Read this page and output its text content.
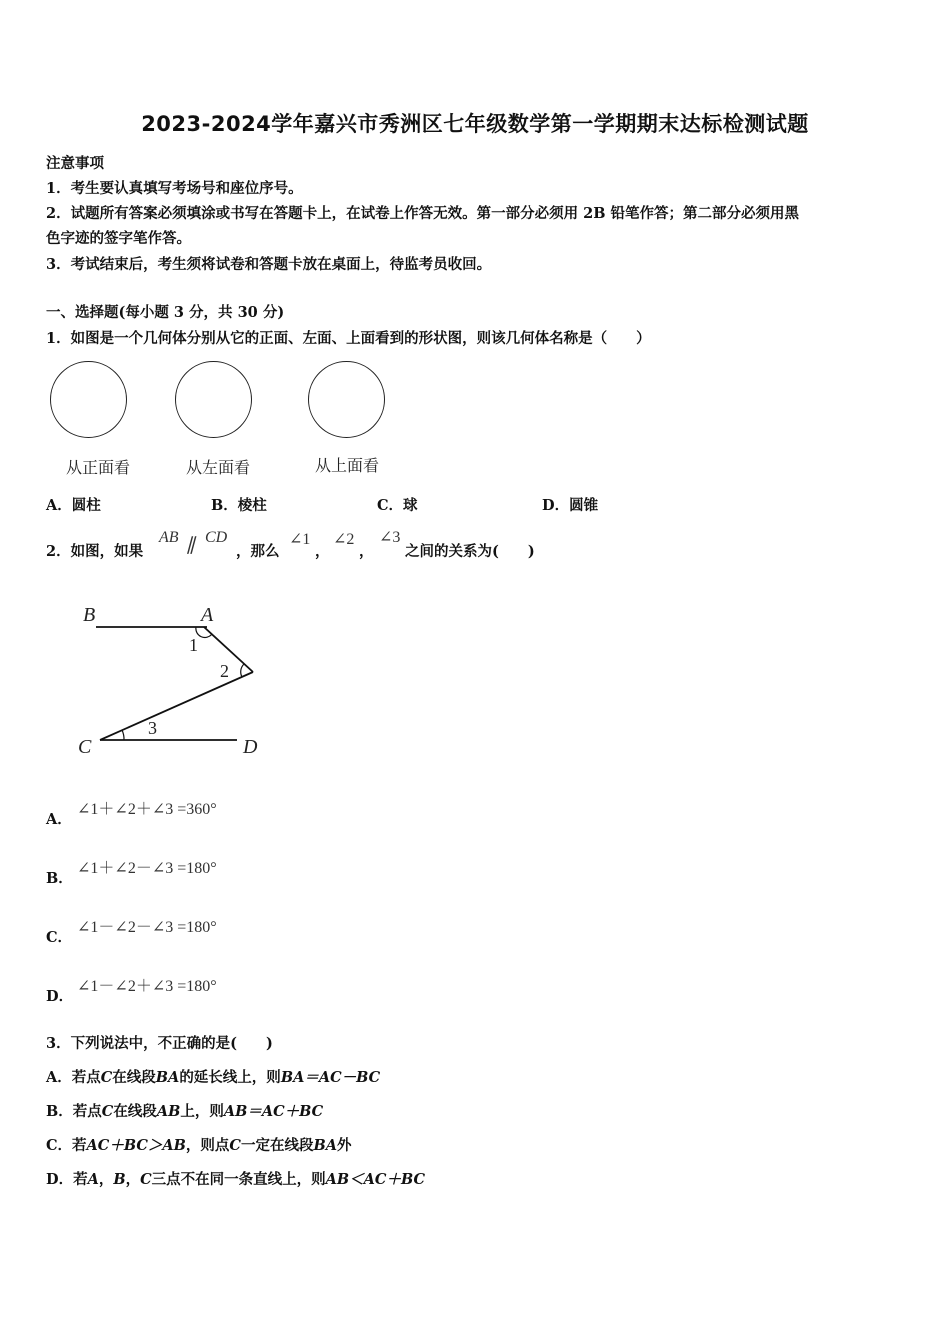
2023-2024学年嘉兴市秀洲区七年级数学第一学期期末达标检测试题
注意事项
1．考生要认真填写考场号和座位序号。
2．试题所有答案必须填涂或书写在答题卡上，在试卷上作答无效。第一部分必须用 2B 铅笔作答；第二部分必须用黑
色字迹的签字笔作答。
3．考试结束后，考生须将试卷和答题卡放在桌面上，待监考员收回。
一、选择题(每小题 3 分，共 30 分)
1．如图是一个几何体分别从它的正面、左面、上面看到的形状图，则该几何体名称是（　　）
从正面看	从左面看	从上面看
A．圆柱	B．棱柱	C．球	D．圆锥
2．如图，如果
AB ∥ CD
，那么
∠1
，
∠2
，
∠3
之间的关系为(　　)
B	A
C	D
1
2
3
A．
∠1＋∠2＋∠3 =360°
B．
∠1＋∠2－∠3 =180°
C．
∠1－∠2－∠3 =180°
D．
∠1－∠2＋∠3 =180°
3．下列说法中，不正确的是(　　)
A．若点C在线段BA的延长线上，则BA＝AC－BC
B．若点C在线段AB上，则AB＝AC＋BC
C．若AC＋BC＞AB，则点C一定在线段BA外
D．若A，B，C三点不在同一条直线上，则AB＜AC＋BC
